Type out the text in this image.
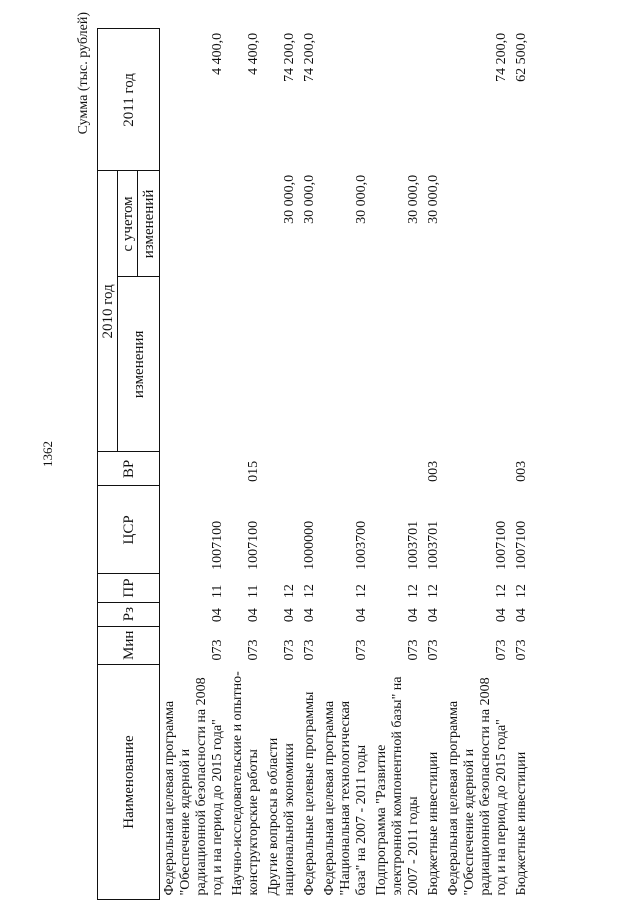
1362
Сумма (тыс. рублей)
Наименование	Мин	Рз	ПР	ЦСР	ВР	2010 год		2011 год
						изменения	с учетом	
							изменений	
Федеральная целевая программа "Обеспечение ядерной и радиационной безопасности на 2008 год и на период до 2015 года"	073	04	11	1007100				4 400,0
Научно-исследовательские и опытно-конструкторские работы	073	04	11	1007100	015			4 400,0
Другие вопросы в области национальной экономики	073	04	12				30 000,0	74 200,0
Федеральные целевые программы	073	04	12	1000000			30 000,0	74 200,0
Федеральная целевая программа "Национальная технологическая база" на 2007 - 2011 годы	073	04	12	1003700			30 000,0	
Подпрограмма "Развитие электронной компонентной базы" на 2007 - 2011 годы	073	04	12	1003701			30 000,0	
Бюджетные инвестиции	073	04	12	1003701	003		30 000,0	
Федеральная целевая программа "Обеспечение ядерной и радиационной безопасности на 2008 год и на период до 2015 года"	073	04	12	1007100				74 200,0
Бюджетные инвестиции	073	04	12	1007100	003			62 500,0
